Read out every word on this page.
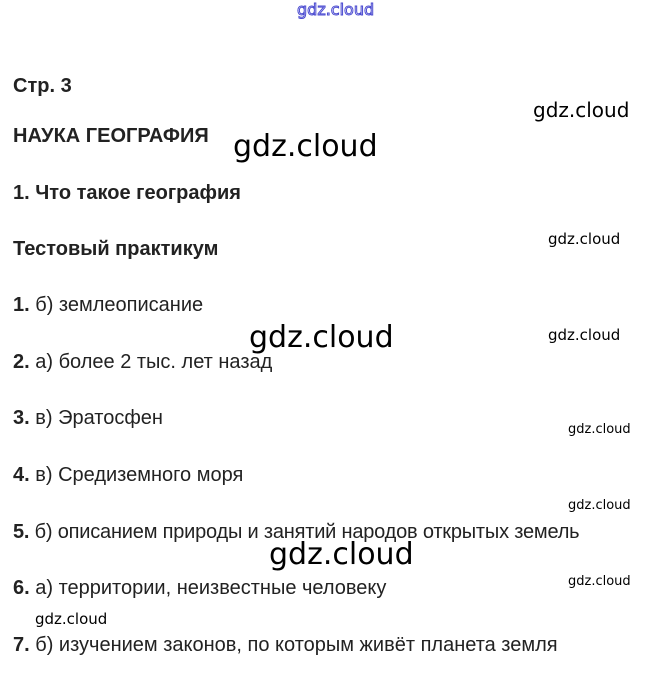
gdz.cloud
gdz.cloud
gdz.cloud
gdz.cloud
gdz.cloud	gdz.cloud
gdz.cloud
gdz.cloud
gdz.cloud
gdz.cloud
gdz.cloud
Стр. 3
НАУКА ГЕОГРАФИЯ
1. Что такое география
Тестовый практикум
1. б) землеописание
2. а) более 2 тыс. лет назад
3. в) Эратосфен
4. в) Средиземного моря
5. б) описанием природы и занятий народов открытых земель
6. а) территории, неизвестные человеку
7. б) изучением законов, по которым живёт планета земля
